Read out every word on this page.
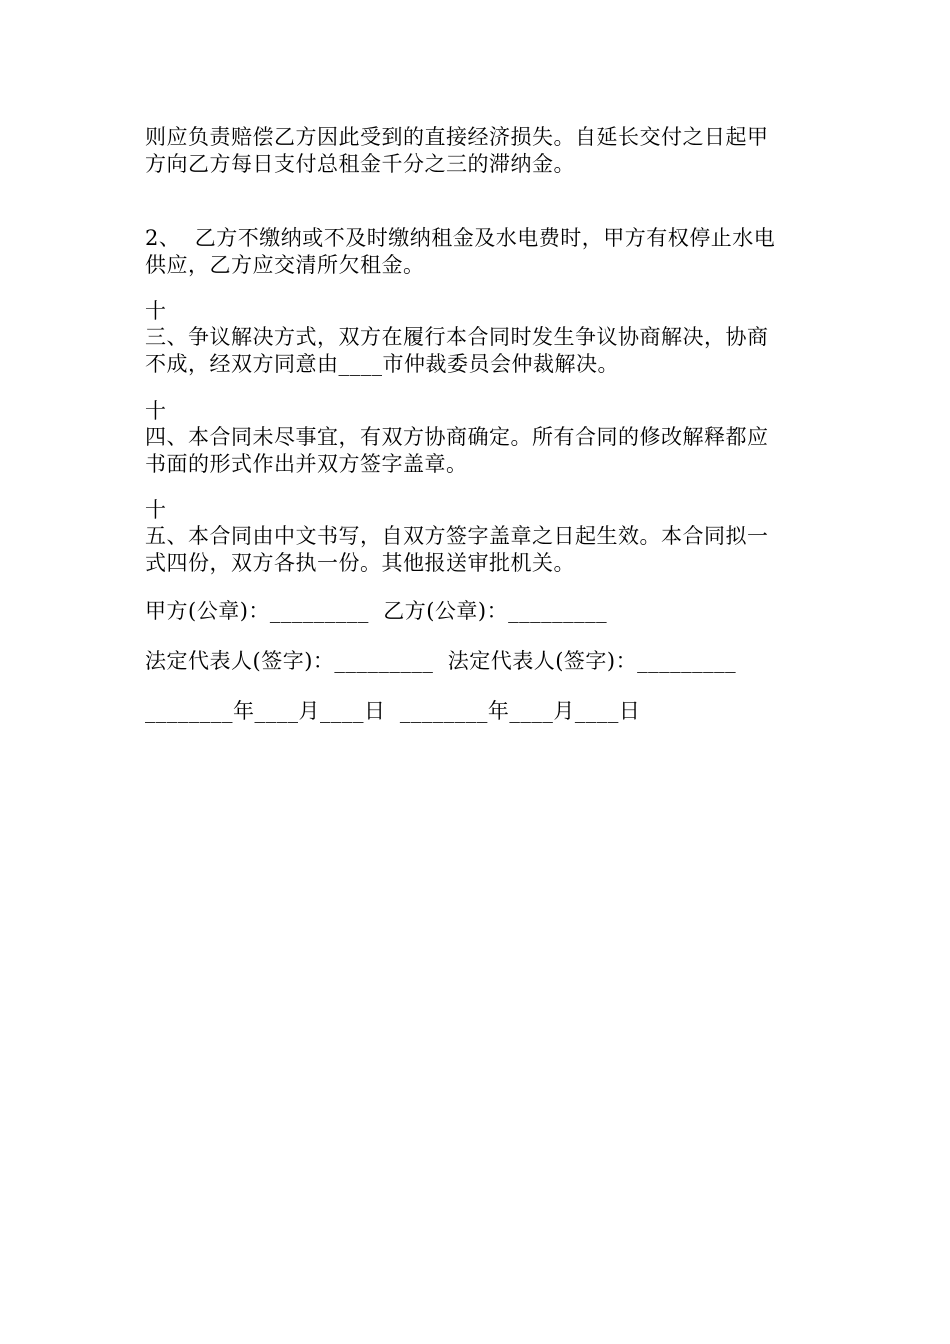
则应负责赔偿乙方因此受到的直接经济损失。自延长交付之日起甲
方向乙方每日支付总租金千分之三的滞纳金。
2、  乙方不缴纳或不及时缴纳租金及水电费时，甲方有权停止水电
供应，乙方应交清所欠租金。
十
三、争议解决方式，双方在履行本合同时发生争议协商解决，协商
不成，经双方同意由____市仲裁委员会仲裁解决。
十
四、本合同未尽事宜，有双方协商确定。所有合同的修改解释都应
书面的形式作出并双方签字盖章。
十
五、本合同由中文书写，自双方签字盖章之日起生效。本合同拟一
式四份，双方各执一份。其他报送审批机关。
甲方(公章)：_________  乙方(公章)：_________
法定代表人(签字)：_________  法定代表人(签字)：_________
________年____月____日  ________年____月____日
